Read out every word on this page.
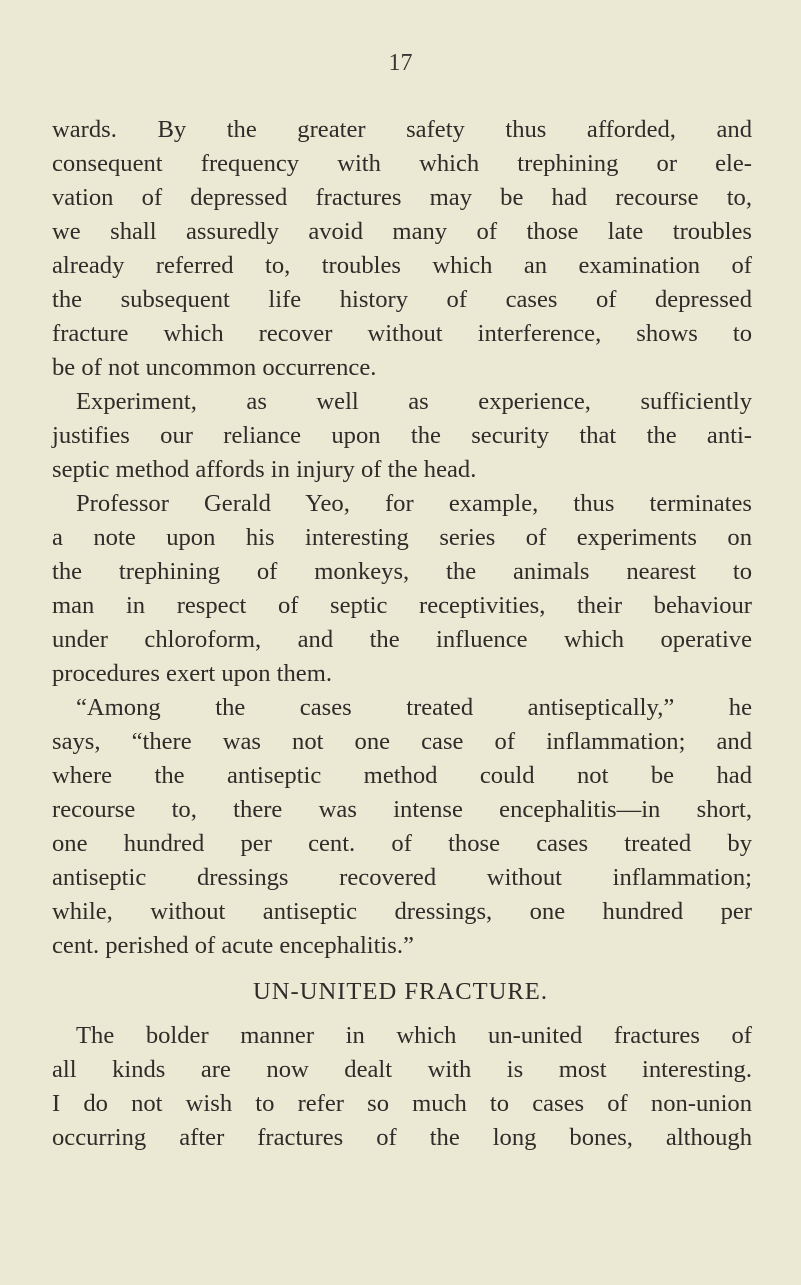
17
wards. By the greater safety thus afforded, and
consequent frequency with which trephining or ele-
vation of depressed fractures may be had recourse to,
we shall assuredly avoid many of those late troubles
already referred to, troubles which an examination of
the subsequent life history of cases of depressed
fracture which recover without interference, shows to
be of not uncommon occurrence.
Experiment, as well as experience, sufficiently
justifies our reliance upon the security that the anti-
septic method affords in injury of the head.
Professor Gerald Yeo, for example, thus terminates
a note upon his interesting series of experiments on
the trephining of monkeys, the animals nearest to
man in respect of septic receptivities, their behaviour
under chloroform, and the influence which operative
procedures exert upon them.
“Among the cases treated antiseptically,” he
says, “there was not one case of inflammation; and
where the antiseptic method could not be had
recourse to, there was intense encephalitis—in short,
one hundred per cent. of those cases treated by
antiseptic dressings recovered without inflammation;
while, without antiseptic dressings, one hundred per
cent. perished of acute encephalitis.”
UN-UNITED FRACTURE.
The bolder manner in which un-united fractures of
all kinds are now dealt with is most interesting.
I do not wish to refer so much to cases of non-union
occurring after fractures of the long bones, although
